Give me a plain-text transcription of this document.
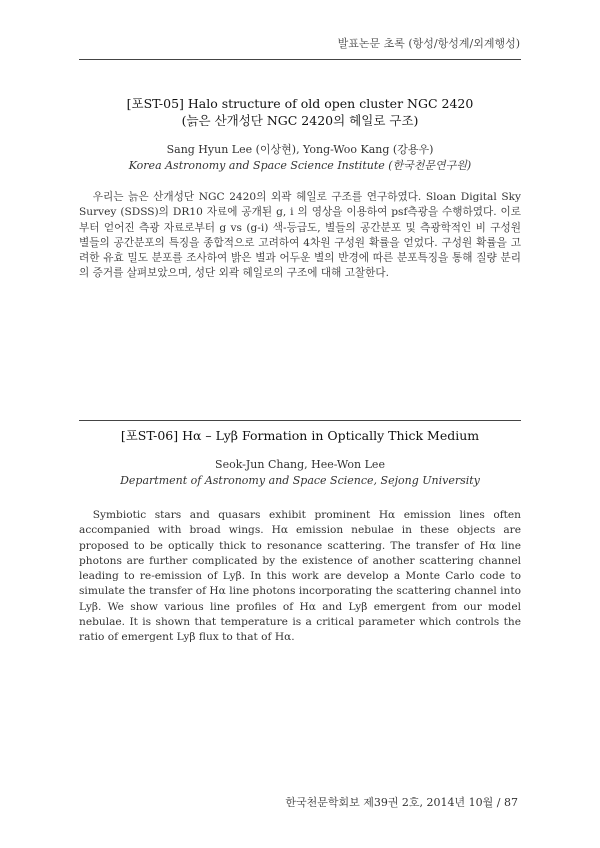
발표논문 초록 (항성/항성계/외계행성)
[포ST-05] Halo structure of old open cluster NGC 2420
(늙은 산개성단 NGC 2420의 헤일로 구조)
Sang Hyun Lee (이상현), Yong-Woo Kang (강용우)
Korea Astronomy and Space Science Institute (한국천문연구원)
우리는 늙은 산개성단 NGC 2420의 외곽 헤일로 구조를 연구하였다. Sloan Digital Sky Survey (SDSS)의 DR10 자료에 공개된 g, i 의 영상을 이용하여 psf측광을 수행하였다. 이로부터 얻어진 측광 자료로부터 g vs (g-i) 색-등급도, 별들의 공간분포 및 측광학적인 비 구성원 별들의 공간분포의 특징을 종합적으로 고려하여 4차원 구성원 확률을 얻었다. 구성원 확률을 고려한 유효 밀도 분포를 조사하여 밝은 별과 어두운 별의 반경에 따른 분포특징을 통해 질량 분리의 증거를 살펴보았으며, 성단 외곽 헤일로의 구조에 대해 고찰한다.
[포ST-06] Hα – Lyβ Formation in Optically Thick Medium
Seok-Jun Chang, Hee-Won Lee
Department of Astronomy and Space Science, Sejong University
Symbiotic stars and quasars exhibit prominent Hα emission lines often accompanied with broad wings. Hα emission nebulae in these objects are proposed to be optically thick to resonance scattering. The transfer of Hα line photons are further complicated by the existence of another scattering channel leading to re-emission of Lyβ. In this work are develop a Monte Carlo code to simulate the transfer of Hα line photons incorporating the scattering channel into Lyβ. We show various line profiles of Hα and Lyβ emergent from our model nebulae. It is shown that temperature is a critical parameter which controls the ratio of emergent Lyβ flux to that of Hα.
한국천문학회보 제39권 2호, 2014년 10월 / 87
